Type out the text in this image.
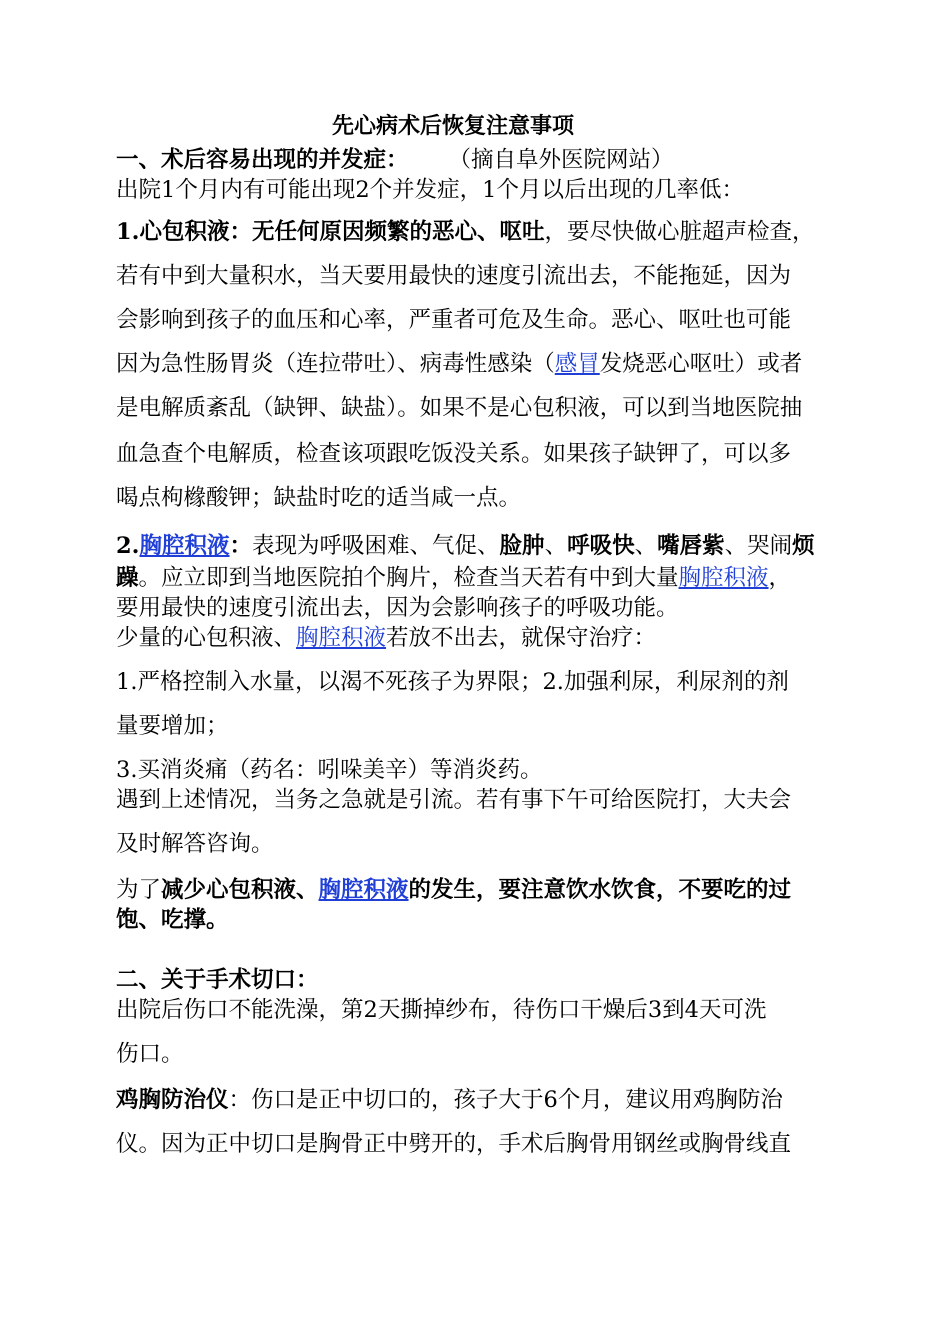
先心病术后恢复注意事项
一、术后容易出现的并发症： （摘自阜外医院网站）
出院1个月内有可能出现2个并发症，1个月以后出现的几率低：
1.心包积液：无任何原因频繁的恶心、呕吐，要尽快做心脏超声检查，
若有中到大量积水，当天要用最快的速度引流出去，不能拖延，因为
会影响到孩子的血压和心率，严重者可危及生命。恶心、呕吐也可能
因为急性肠胃炎（连拉带吐）、病毒性感染（感冒发烧恶心呕吐）或者
是电解质紊乱（缺钾、缺盐）。如果不是心包积液，可以到当地医院抽
血急查个电解质，检查该项跟吃饭没关系。如果孩子缺钾了，可以多
喝点枸橼酸钾；缺盐时吃的适当咸一点。
2.胸腔积液：表现为呼吸困难、气促、脸肿、呼吸快、嘴唇紫、哭闹烦
躁。应立即到当地医院拍个胸片，检查当天若有中到大量胸腔积液，
要用最快的速度引流出去，因为会影响孩子的呼吸功能。
少量的心包积液、胸腔积液若放不出去，就保守治疗：
1.严格控制入水量，以渴不死孩子为界限；2.加强利尿，利尿剂的剂
量要增加；
3.买消炎痛（药名：吲哚美辛）等消炎药。
遇到上述情况，当务之急就是引流。若有事下午可给医院打，大夫会
及时解答咨询。
为了减少心包积液、胸腔积液的发生，要注意饮水饮食，不要吃的过
饱、吃撑。
二、关于手术切口：
出院后伤口不能洗澡，第2天撕掉纱布，待伤口干燥后3到4天可洗
伤口。
鸡胸防治仪：伤口是正中切口的，孩子大于6个月，建议用鸡胸防治
仪。因为正中切口是胸骨正中劈开的，手术后胸骨用钢丝或胸骨线直
